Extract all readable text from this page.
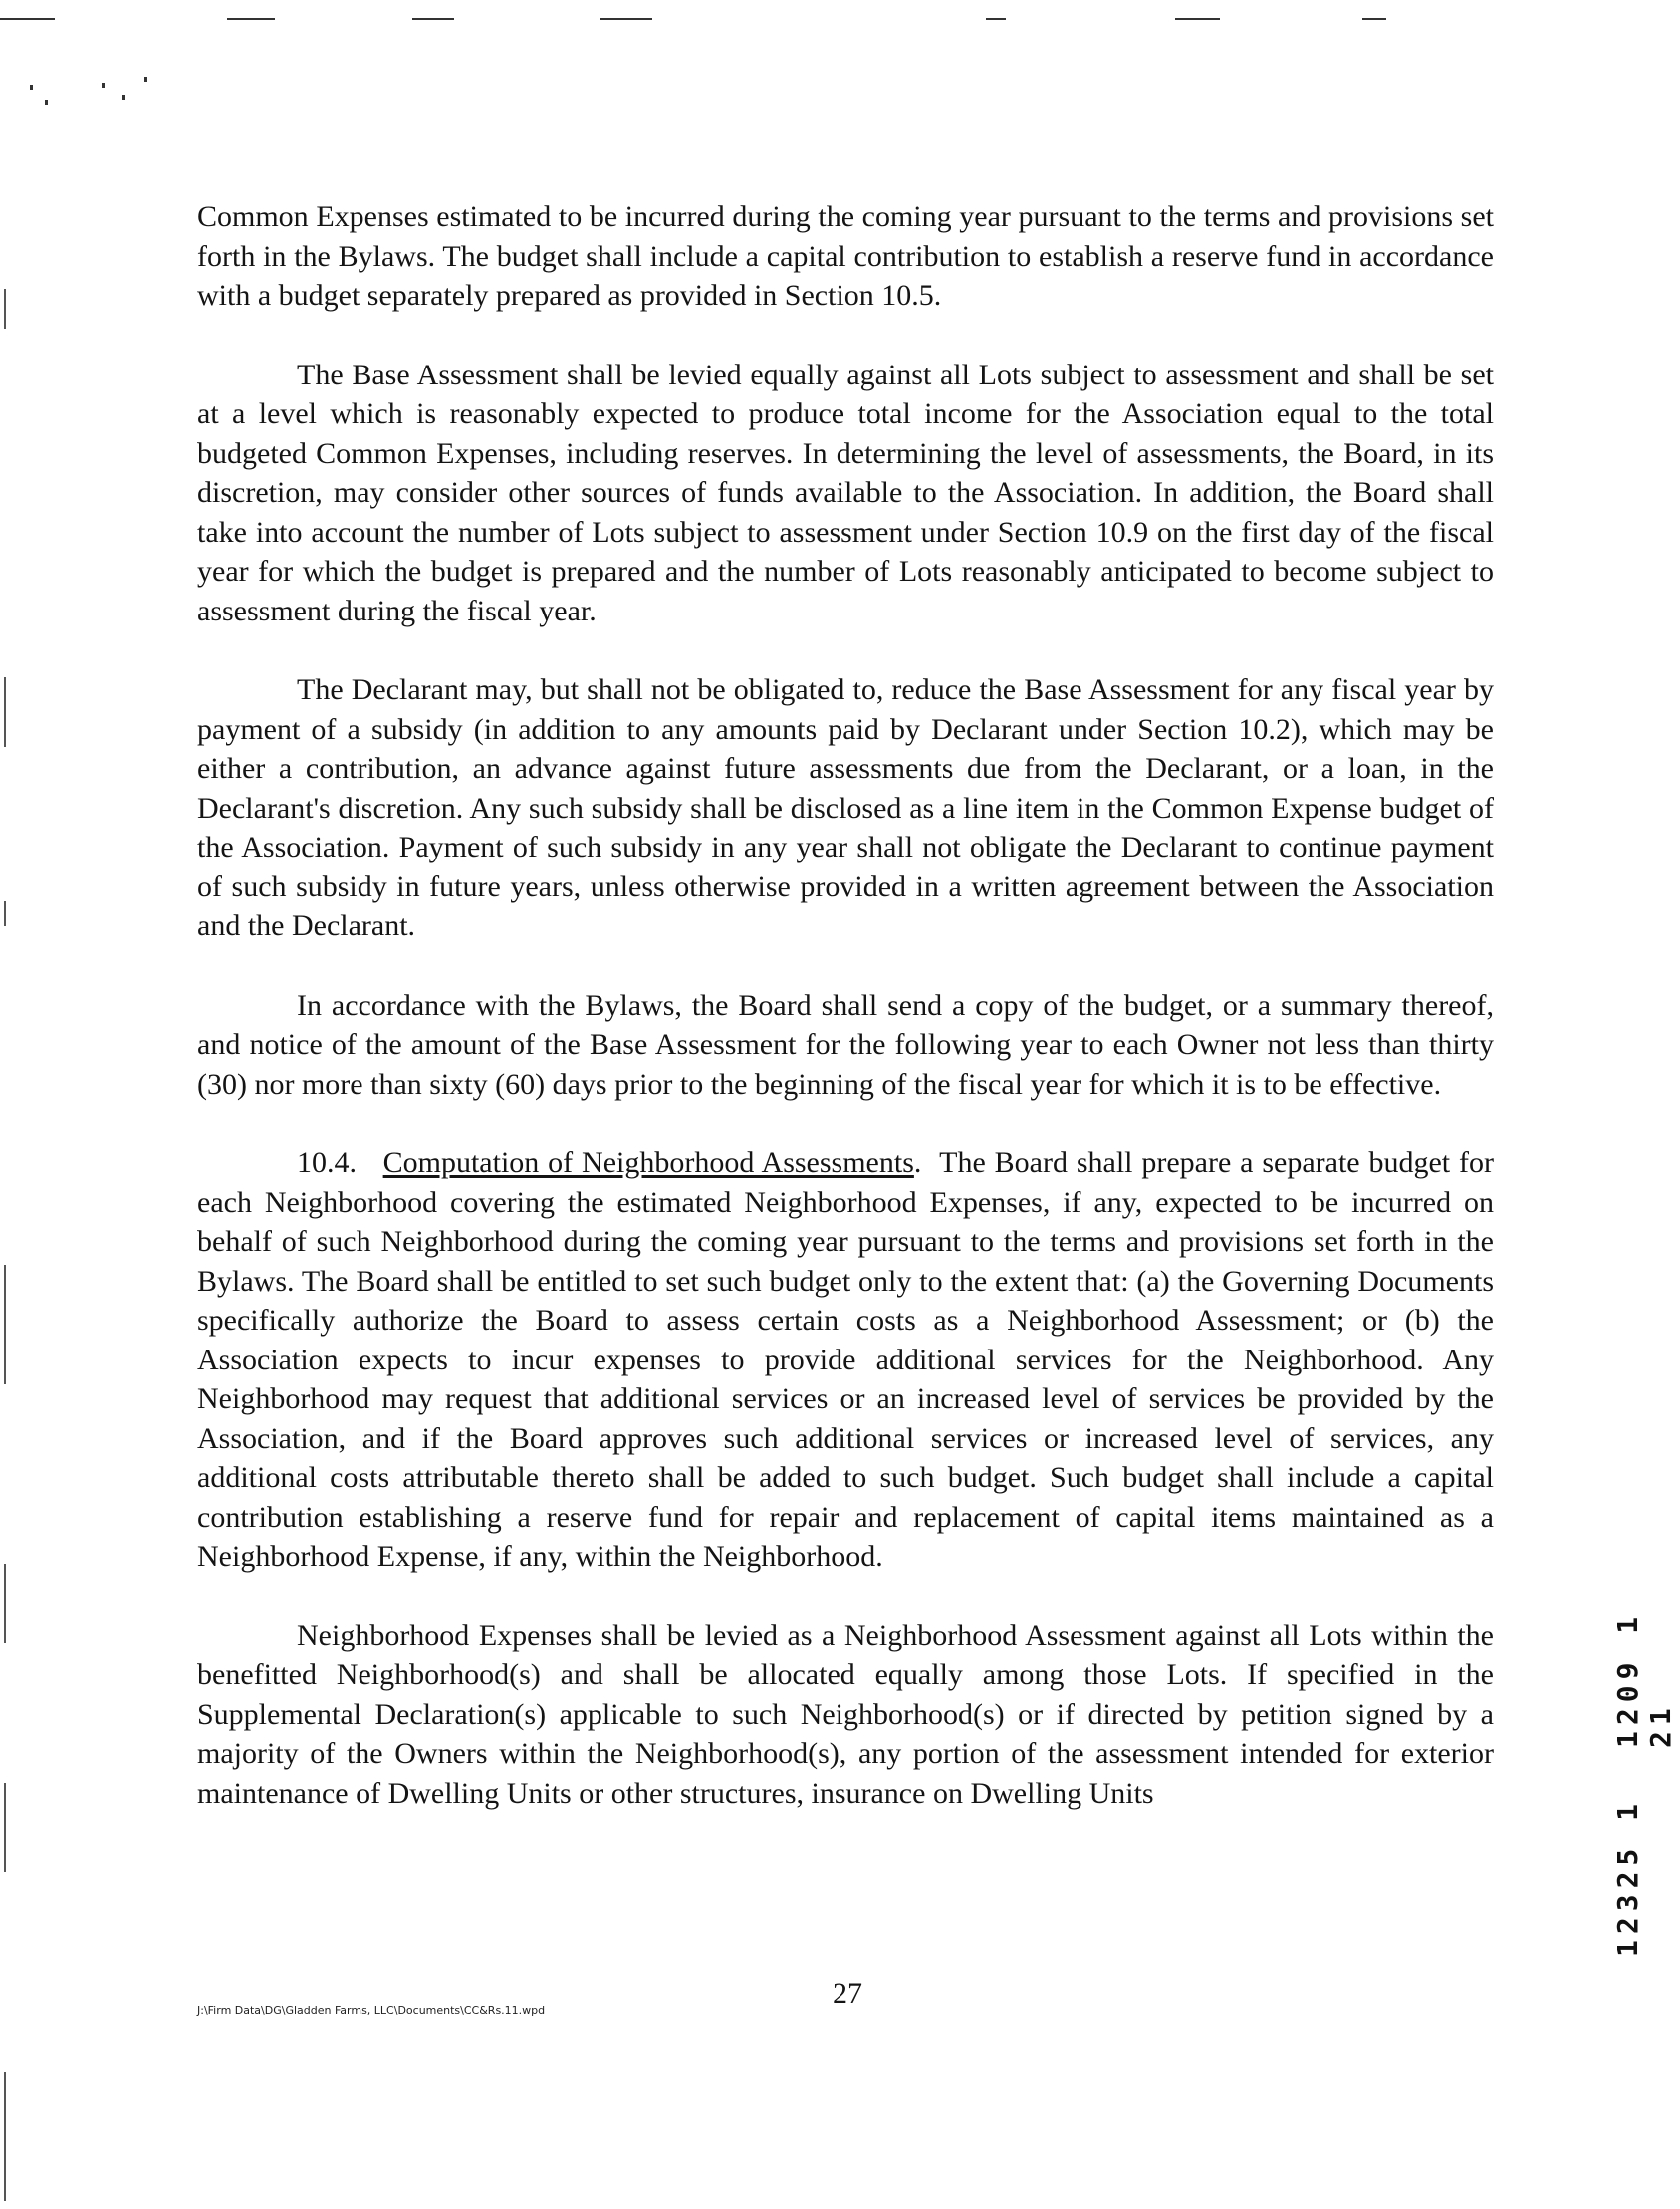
Common Expenses estimated to be incurred during the coming year pursuant to the terms and provisions set forth in the Bylaws. The budget shall include a capital contribution to establish a reserve fund in accordance with a budget separately prepared as provided in Section 10.5.

The Base Assessment shall be levied equally against all Lots subject to assessment and shall be set at a level which is reasonably expected to produce total income for the Association equal to the total budgeted Common Expenses, including reserves. In determining the level of assessments, the Board, in its discretion, may consider other sources of funds available to the Association. In addition, the Board shall take into account the number of Lots subject to assessment under Section 10.9 on the first day of the fiscal year for which the budget is prepared and the number of Lots reasonably anticipated to become subject to assessment during the fiscal year.

The Declarant may, but shall not be obligated to, reduce the Base Assessment for any fiscal year by payment of a subsidy (in addition to any amounts paid by Declarant under Section 10.2), which may be either a contribution, an advance against future assessments due from the Declarant, or a loan, in the Declarant's discretion. Any such subsidy shall be disclosed as a line item in the Common Expense budget of the Association. Payment of such subsidy in any year shall not obligate the Declarant to continue payment of such subsidy in future years, unless otherwise provided in a written agreement between the Association and the Declarant.

In accordance with the Bylaws, the Board shall send a copy of the budget, or a summary thereof, and notice of the amount of the Base Assessment for the following year to each Owner not less than thirty (30) nor more than sixty (60) days prior to the beginning of the fiscal year for which it is to be effective.

10.4. Computation of Neighborhood Assessments. The Board shall prepare a separate budget for each Neighborhood covering the estimated Neighborhood Expenses, if any, expected to be incurred on behalf of such Neighborhood during the coming year pursuant to the terms and provisions set forth in the Bylaws. The Board shall be entitled to set such budget only to the extent that: (a) the Governing Documents specifically authorize the Board to assess certain costs as a Neighborhood Assessment; or (b) the Association expects to incur expenses to provide additional services for the Neighborhood. Any Neighborhood may request that additional services or an increased level of services be provided by the Association, and if the Board approves such additional services or increased level of services, any additional costs attributable thereto shall be added to such budget. Such budget shall include a capital contribution establishing a reserve fund for repair and replacement of capital items maintained as a Neighborhood Expense, if any, within the Neighborhood.

Neighborhood Expenses shall be levied as a Neighborhood Assessment against all Lots within the benefitted Neighborhood(s) and shall be allocated equally among those Lots. If specified in the Supplemental Declaration(s) applicable to such Neighborhood(s) or if directed by petition signed by a majority of the Owners within the Neighborhood(s), any portion of the assessment intended for exterior maintenance of Dwelling Units or other structures, insurance on Dwelling Units

J:\Firm Data\DG\Gladden Farms, LLC\Documents\CC&Rs.11.wpd
27
1209 1 21
12325 1
